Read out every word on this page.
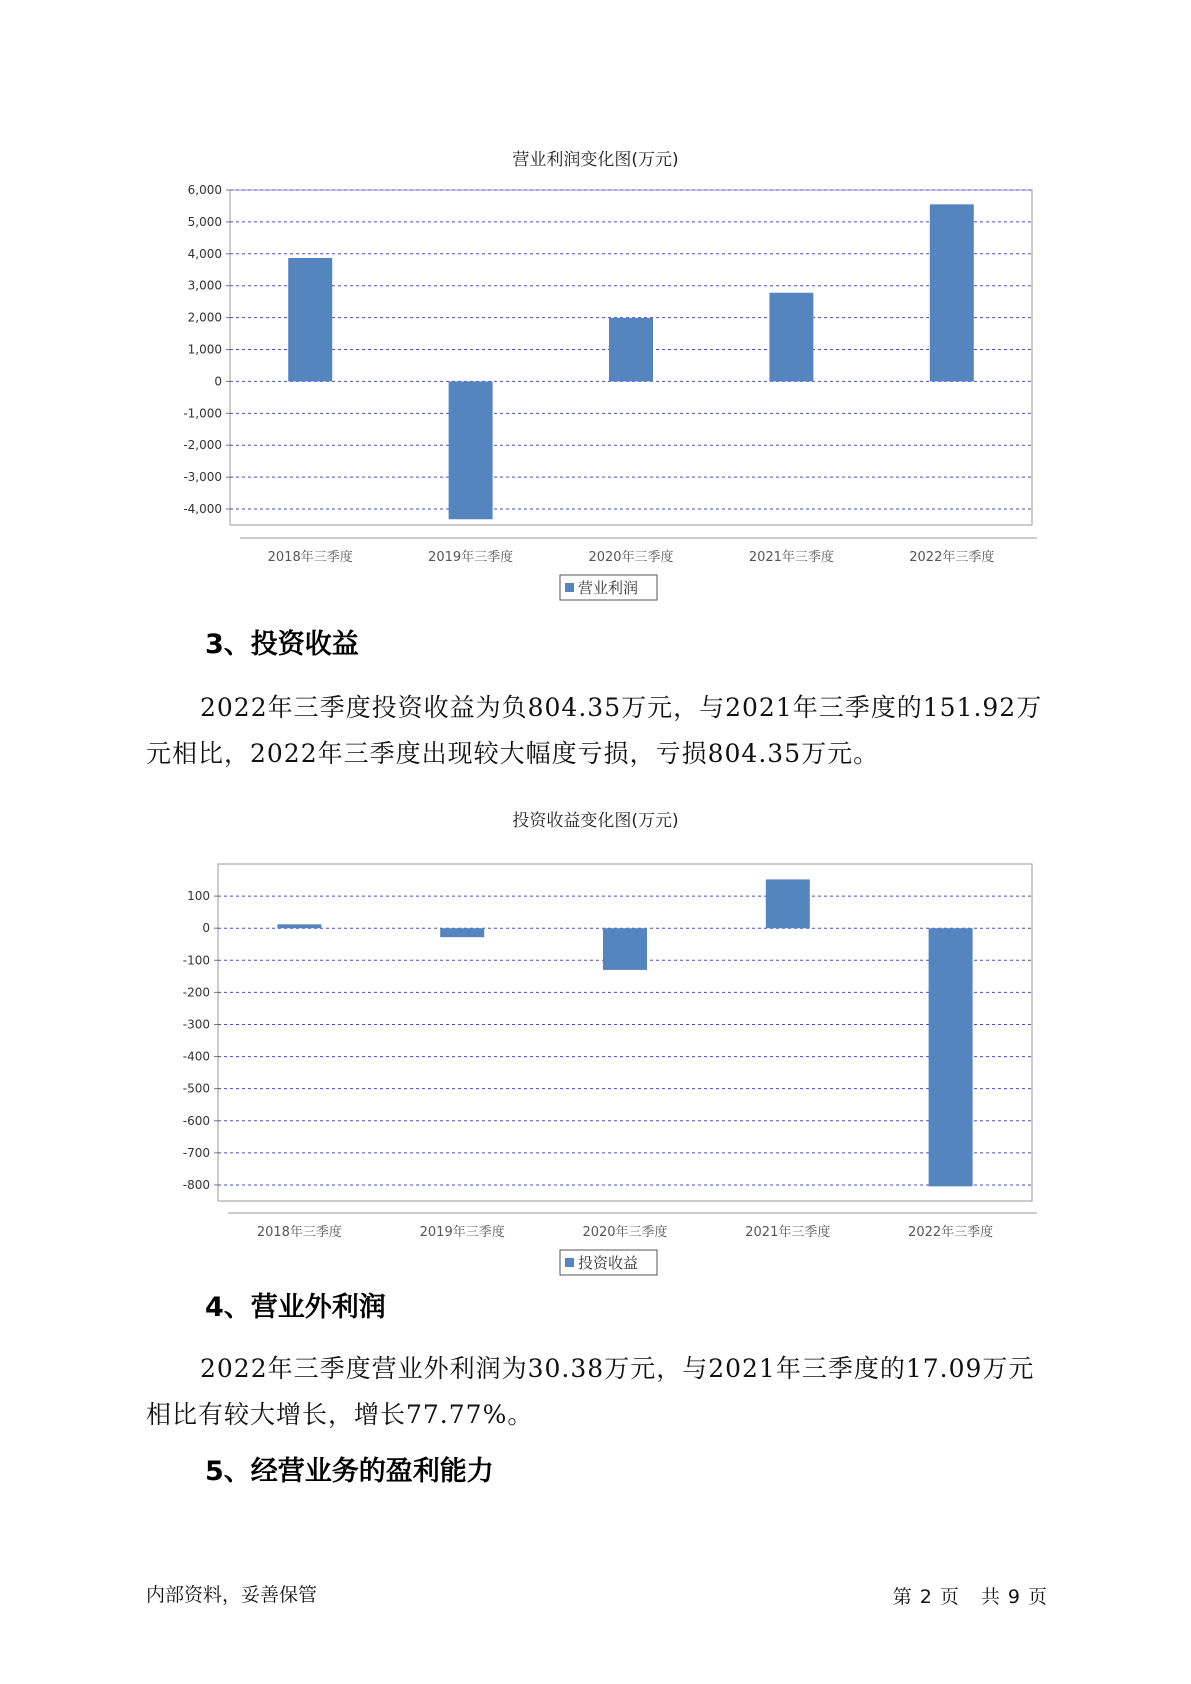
营业利润变化图(万元)
6,000
5,000
4,000
3,000
2,000
1,000
0
-1,000
-2,000
-3,000
-4,000
2018年三季度	2019年三季度	2020年三季度	2021年三季度	2022年三季度
营业利润
3、投资收益
2022年三季度投资收益为负804.35万元，与2021年三季度的151.92万元相比，2022年三季度出现较大幅度亏损，亏损804.35万元。
投资收益变化图(万元)
100
0
-100
-200
-300
-400
-500
-600
-700
-800
2018年三季度	2019年三季度	2020年三季度	2021年三季度	2022年三季度
投资收益
4、营业外利润
2022年三季度营业外利润为30.38万元，与2021年三季度的17.09万元相比有较大增长，增长77.77%。
5、经营业务的盈利能力
内部资料，妥善保管	第 2 页 共 9 页
